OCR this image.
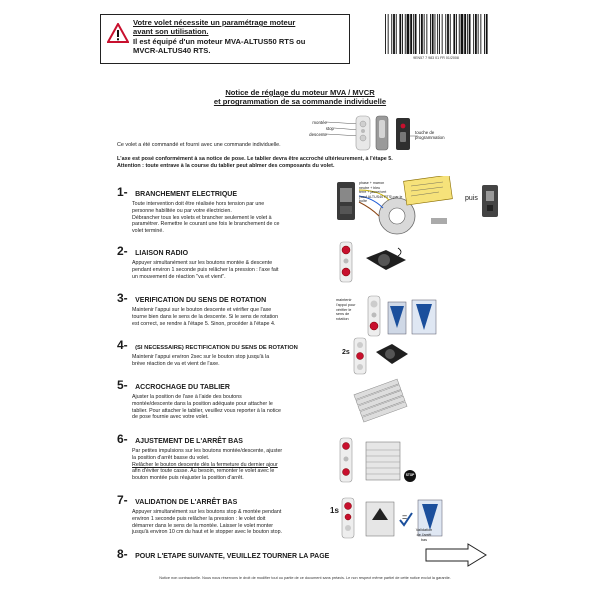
Votre volet nécessite un paramétrage moteur
avant son utilisation.
Il est équipé d'un moteur MVA-ALTUS50 RTS ou
MVCR-ALTUS40 RTS.
9EN57 7 983 01 FR 01/2008
Notice de réglage du moteur MVA / MVCR
et programmation de sa commande individuelle
montée
stop
descente	touche de programmation
Ce volet a été commandé et fourni avec une commande individuelle.
L'axe est posé conformément à sa notice de pose. Le tablier devra être accroché ultérieurement, à l'étape 5.
Attention : toute entrave à la course du tablier peut abîmer des composants du volet.
1- BRANCHEMENT ELECTRIQUE
Toute intervention doit être réalisée hors tension par une
personne habilitée ou par votre électricien.
Débrancher tous les volets et brancher seulement le volet à
paramétrer. Remettre le courant une fois le branchement de ce
volet terminé.
2- LIAISON RADIO
Appuyer simultanément sur les boutons montée & descente
pendant environ 1 seconde puis relâcher la pression : l'axe fait
un mouvement de réaction "va et vient".
3- VERIFICATION DU SENS DE ROTATION
Maintenir l'appui sur le bouton descente et vérifier que l'axe
tourne bien dans le sens de la descente. Si le sens de rotation
est correct, se rendre à l'étape 5. Sinon, procéder à l'étape 4.
4- (SI NECESSAIRE) RECTIFICATION DU SENS DE ROTATION
Maintenir l'appui environ 2sec sur le bouton stop jusqu'à la
brève réaction de va et vient de l'axe.
5- ACCROCHAGE DU TABLIER
Ajuster la position de l'axe à l'aide des boutons
montée/descente dans la position adéquate pour attacher le
tablier. Pour attacher le tablier, veuillez vous reporter à la notice
de pose fournie avec votre volet.
6- AJUSTEMENT DE L'ARRÊT BAS
Par petites impulsions sur les boutons montée/descente, ajuster
la position d'arrêt basse du volet.
Relâcher le bouton descente dès la fermeture du dernier ajour
afin d'éviter toute casse. Au besoin, remonter le volet avec le
bouton montée puis réajuster la position d'arrêt.
7- VALIDATION DE L'ARRÊT BAS
Appuyer simultanément sur les boutons stop & montée pendant
environ 1 seconde puis relâcher la pression : le volet doit
démarrer dans le sens de la montée. Laisser le volet monter
jusqu'à environ 10 cm du haut et le stopper avec le bouton stop.
8- POUR L'ETAPE SUIVANTE, VEUILLEZ TOURNER LA PAGE
phase + marron
neutre + bleu
terre + jaune/vert
(sauf ALTUS40 RTS) par le
boîte	puis
maintenir
l'appui pour
vérifier le
sens de
rotation
2s
STOP
1s
=
Validation
de l'arrêt
bas
Notice non contractuelle. Nous nous réservons le droit de modifier tout ou partie de ce document sans préavis. Le non respect même partiel de cette notice exclut la garantie.
